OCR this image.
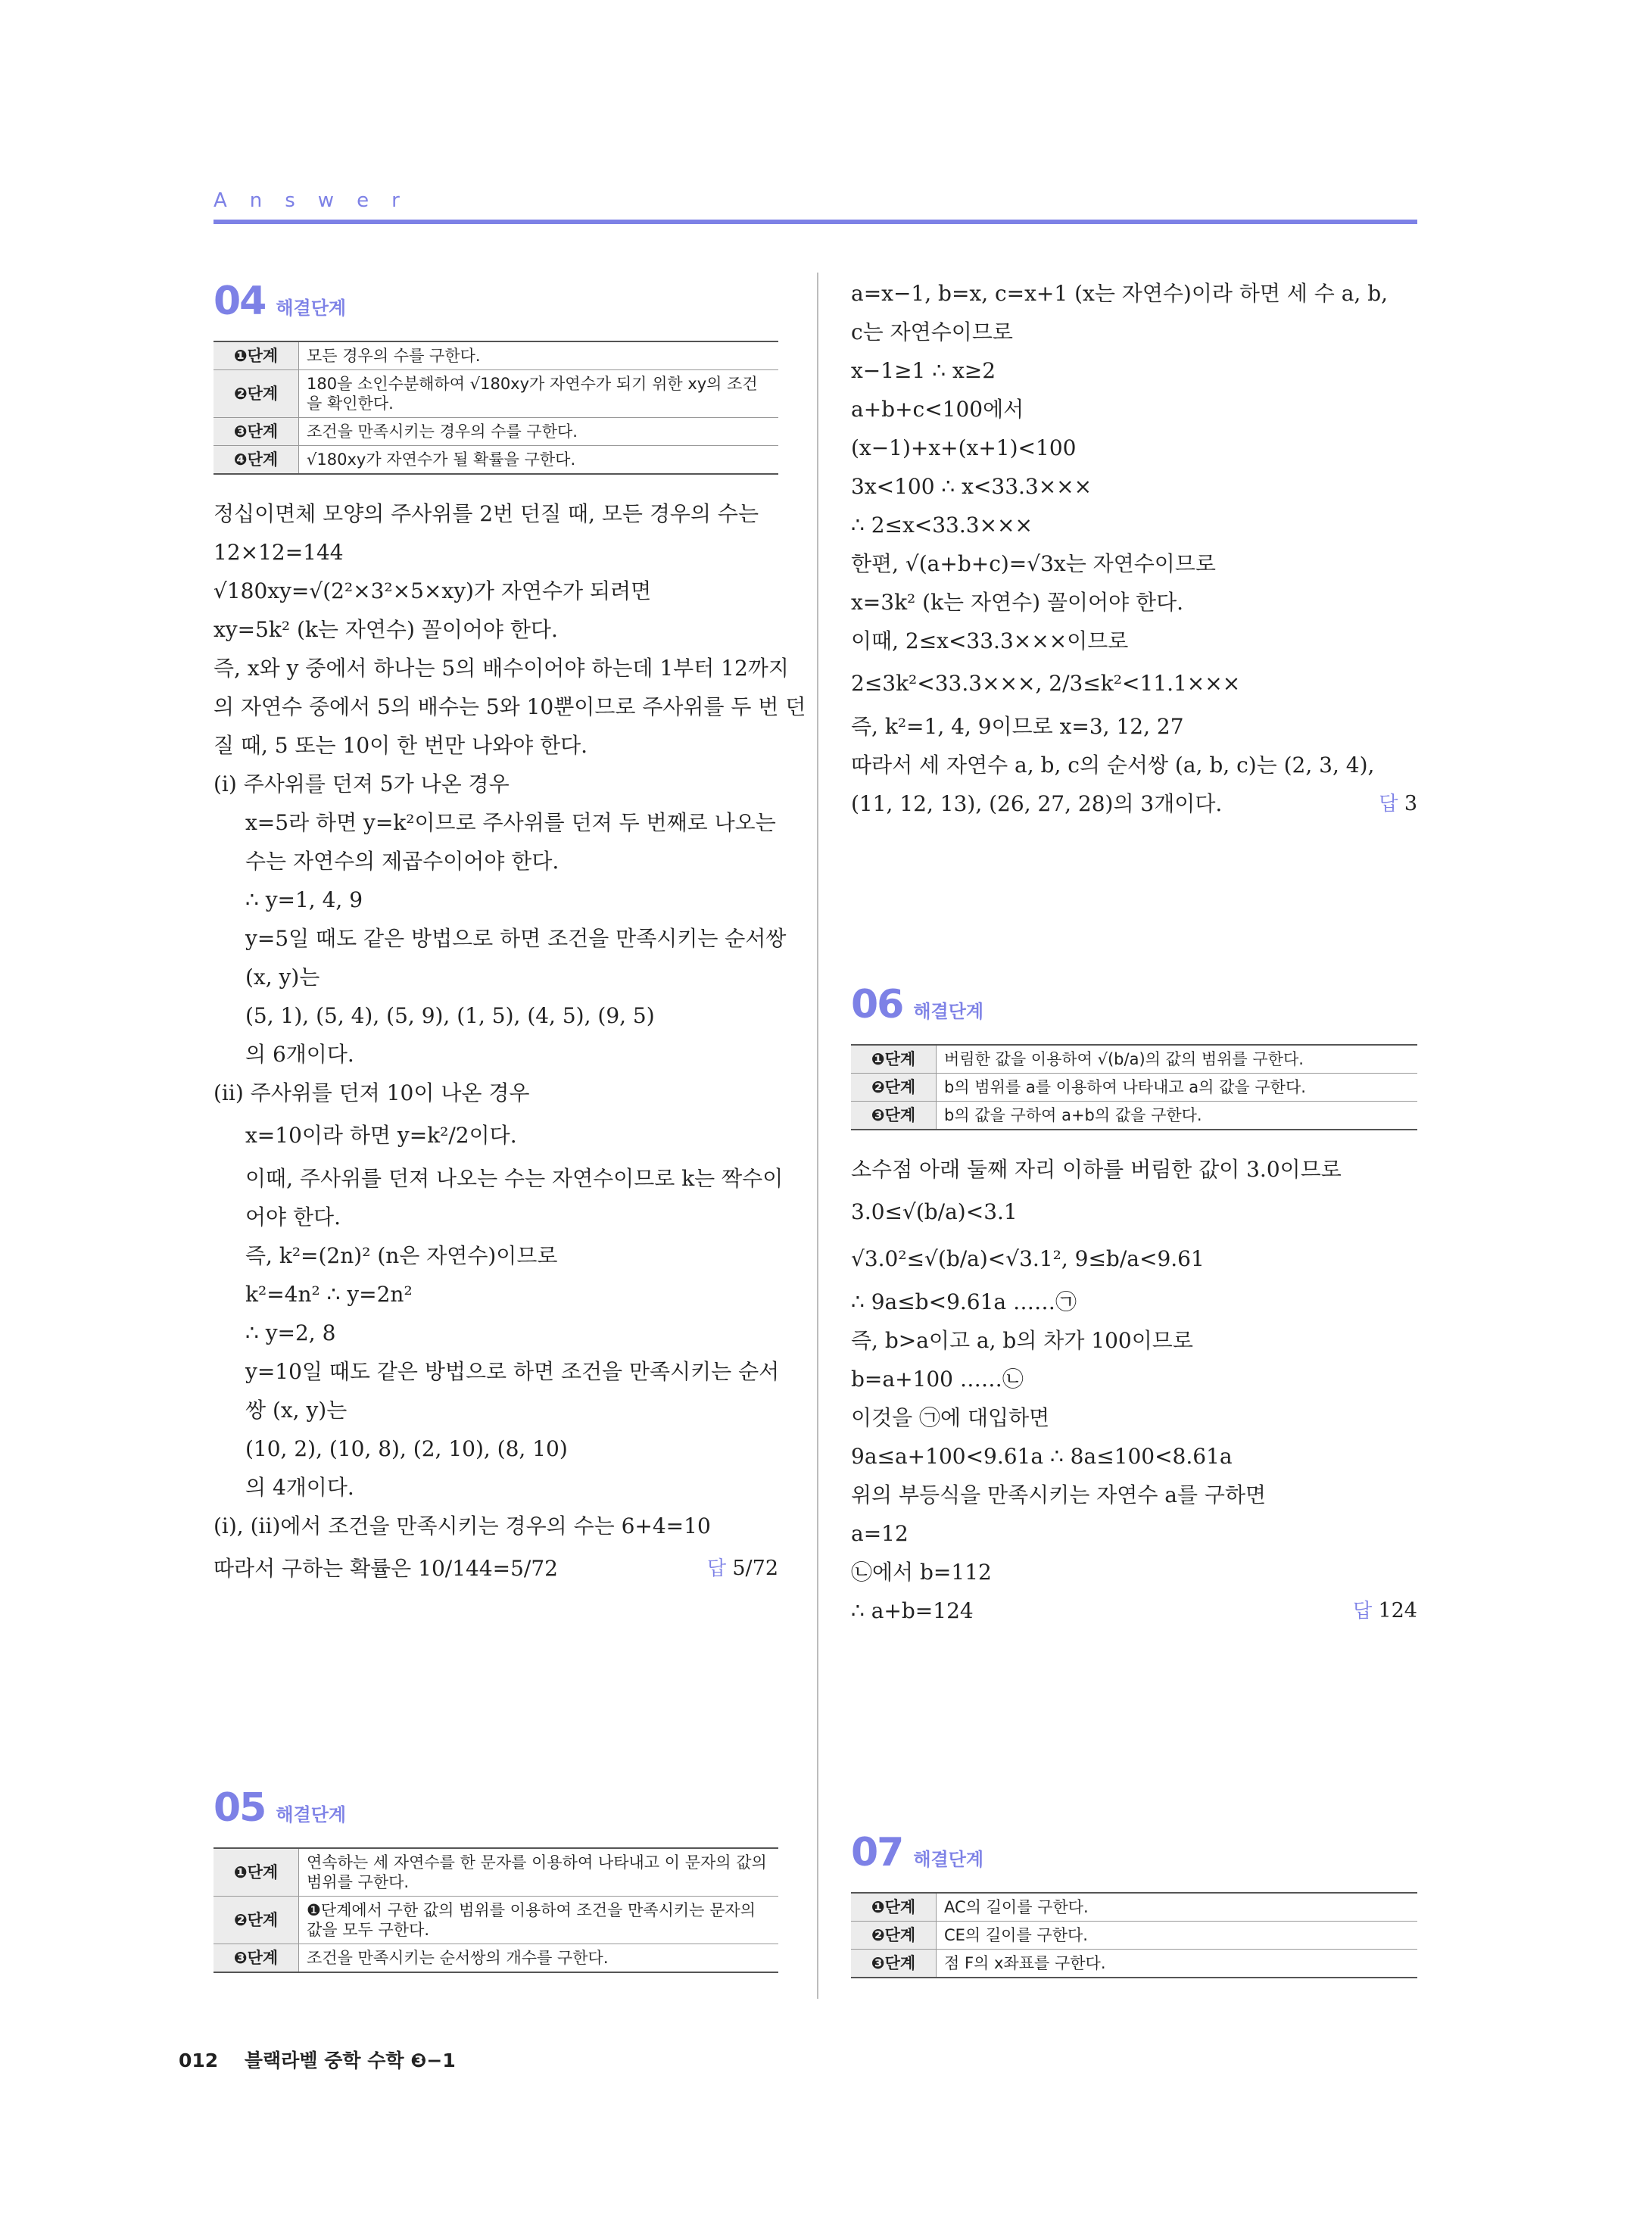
Answer
04 해결단계
❶단계	모든 경우의 수를 구한다.
❷단계	180을 소인수분해하여 √180xy가 자연수가 되기 위한 xy의 조건을 확인한다.
❸단계	조건을 만족시키는 경우의 수를 구한다.
❹단계	√180xy가 자연수가 될 확률을 구한다.
정십이면체 모양의 주사위를 2번 던질 때, 모든 경우의 수는
12×12=144
√180xy=√(2²×3²×5×xy)가 자연수가 되려면
xy=5k² (k는 자연수) 꼴이어야 한다.
즉, x와 y 중에서 하나는 5의 배수이어야 하는데 1부터 12까지
의 자연수 중에서 5의 배수는 5와 10뿐이므로 주사위를 두 번 던
질 때, 5 또는 10이 한 번만 나와야 한다.
(ⅰ) 주사위를 던져 5가 나온 경우
x=5라 하면 y=k²이므로 주사위를 던져 두 번째로 나오는
수는 자연수의 제곱수이어야 한다.
∴ y=1, 4, 9
y=5일 때도 같은 방법으로 하면 조건을 만족시키는 순서쌍
(x, y)는
(5, 1), (5, 4), (5, 9), (1, 5), (4, 5), (9, 5)
의 6개이다.
(ⅱ) 주사위를 던져 10이 나온 경우
x=10이라 하면 y=k²/2이다.
이때, 주사위를 던져 나오는 수는 자연수이므로 k는 짝수이
어야 한다.
즉, k²=(2n)² (n은 자연수)이므로
k²=4n² ∴ y=2n²
∴ y=2, 8
y=10일 때도 같은 방법으로 하면 조건을 만족시키는 순서
쌍 (x, y)는
(10, 2), (10, 8), (2, 10), (8, 10)
의 4개이다.
(ⅰ), (ⅱ)에서 조건을 만족시키는 경우의 수는 6+4=10
답 5/72
따라서 구하는 확률은 10/144=5/72
05 해결단계
❶단계	연속하는 세 자연수를 한 문자를 이용하여 나타내고 이 문자의 값의 범위를 구한다.
❷단계	❶단계에서 구한 값의 범위를 이용하여 조건을 만족시키는 문자의 값을 모두 구한다.
❸단계	조건을 만족시키는 순서쌍의 개수를 구한다.
a=x−1, b=x, c=x+1 (x는 자연수)이라 하면 세 수 a, b,
c는 자연수이므로
x−1≥1 ∴ x≥2
a+b+c<100에서
(x−1)+x+(x+1)<100
3x<100 ∴ x<33.3×××
∴ 2≤x<33.3×××
한편, √(a+b+c)=√3x는 자연수이므로
x=3k² (k는 자연수) 꼴이어야 한다.
이때, 2≤x<33.3×××이므로
2≤3k²<33.3×××, 2/3≤k²<11.1×××
즉, k²=1, 4, 9이므로 x=3, 12, 27
따라서 세 자연수 a, b, c의 순서쌍 (a, b, c)는 (2, 3, 4),
답 3
(11, 12, 13), (26, 27, 28)의 3개이다.
06 해결단계
❶단계	버림한 값을 이용하여 √(b/a)의 값의 범위를 구한다.
❷단계	b의 범위를 a를 이용하여 나타내고 a의 값을 구한다.
❸단계	b의 값을 구하여 a+b의 값을 구한다.
소수점 아래 둘째 자리 이하를 버림한 값이 3.0이므로
3.0≤√(b/a)<3.1
√3.0²≤√(b/a)<√3.1², 9≤b/a<9.61
∴ 9a≤b<9.61a ……㉠
즉, b>a이고 a, b의 차가 100이므로
b=a+100 ……㉡
이것을 ㉠에 대입하면
9a≤a+100<9.61a ∴ 8a≤100<8.61a
위의 부등식을 만족시키는 자연수 a를 구하면
a=12
㉡에서 b=112
답 124
∴ a+b=124
07 해결단계
❶단계	AC의 길이를 구한다.
❷단계	CE의 길이를 구한다.
❸단계	점 F의 x좌표를 구한다.
012 블랙라벨 중학 수학 ❸−1
